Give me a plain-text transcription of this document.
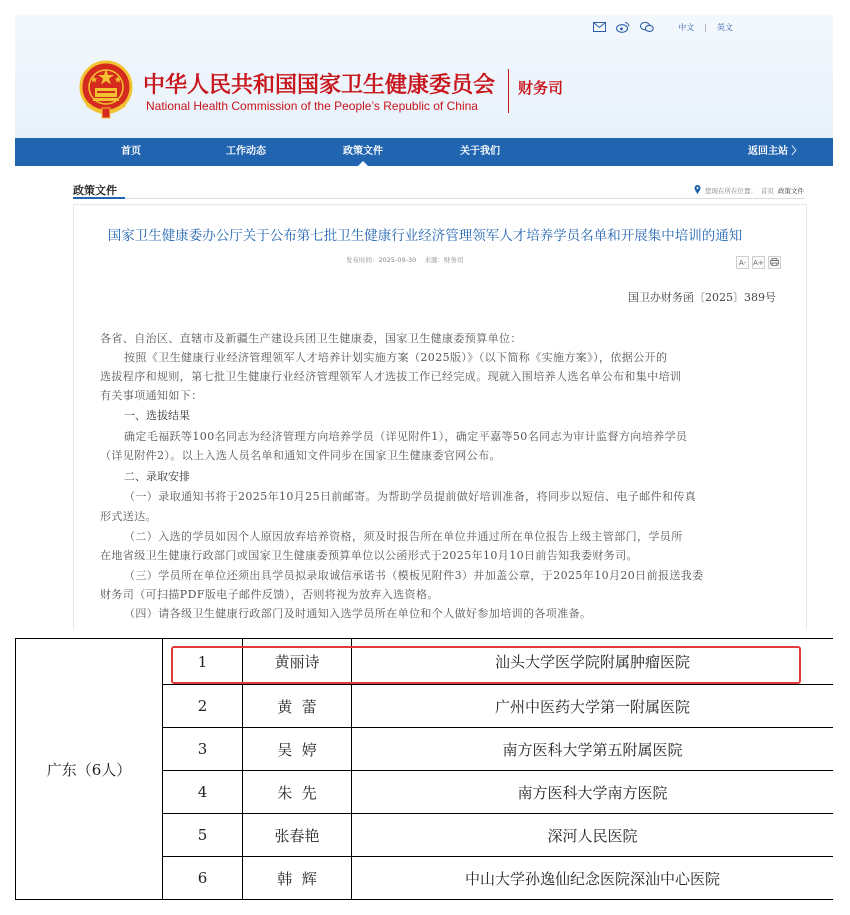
中文 | 英文
中华人民共和国国家卫生健康委员会
National Health Commission of the People’s Republic of China
财务司
首页	工作动态	政策文件	关于我们	返回主站 〉
政策文件	您现在所在位置： 首页 政策文件
国家卫生健康委办公厅关于公布第七批卫生健康行业经济管理领军人才培养学员名单和开展集中培训的通知
发布时间：2025-09-30 来源：财务司	A-	A+
国卫办财务函〔2025〕389号
各省、自治区、直辖市及新疆生产建设兵团卫生健康委，国家卫生健康委预算单位：
按照《卫生健康行业经济管理领军人才培养计划实施方案（2025版）》（以下简称《实施方案》），依据公开的
选拔程序和规则，第七批卫生健康行业经济管理领军人才选拔工作已经完成。现就入围培养人选名单公布和集中培训
有关事项通知如下：
一、选拔结果
确定毛福跃等100名同志为经济管理方向培养学员（详见附件1），确定平嘉等50名同志为审计监督方向培养学员
（详见附件2）。以上入选人员名单和通知文件同步在国家卫生健康委官网公布。
二、录取安排
（一）录取通知书将于2025年10月25日前邮寄。为帮助学员提前做好培训准备，将同步以短信、电子邮件和传真
形式送达。
（二）入选的学员如因个人原因放弃培养资格，须及时报告所在单位并通过所在单位报告上级主管部门，学员所
在地省级卫生健康行政部门或国家卫生健康委预算单位以公函形式于2025年10月10日前告知我委财务司。
（三）学员所在单位还须出具学员拟录取诚信承诺书（模板见附件3）并加盖公章，于2025年10月20日前报送我委
财务司（可扫描PDF版电子邮件反馈），否则将视为放弃入选资格。
（四）请各级卫生健康行政部门及时通知入选学员所在单位和个人做好参加培训的各项准备。
广东（6人）
1	黄丽诗	汕头大学医学院附属肿瘤医院
2	黄  蕾	广州中医药大学第一附属医院
3	吴  婷	南方医科大学第五附属医院
4	朱  先	南方医科大学南方医院
5	张春艳	深河人民医院
6	韩  辉	中山大学孙逸仙纪念医院深汕中心医院
